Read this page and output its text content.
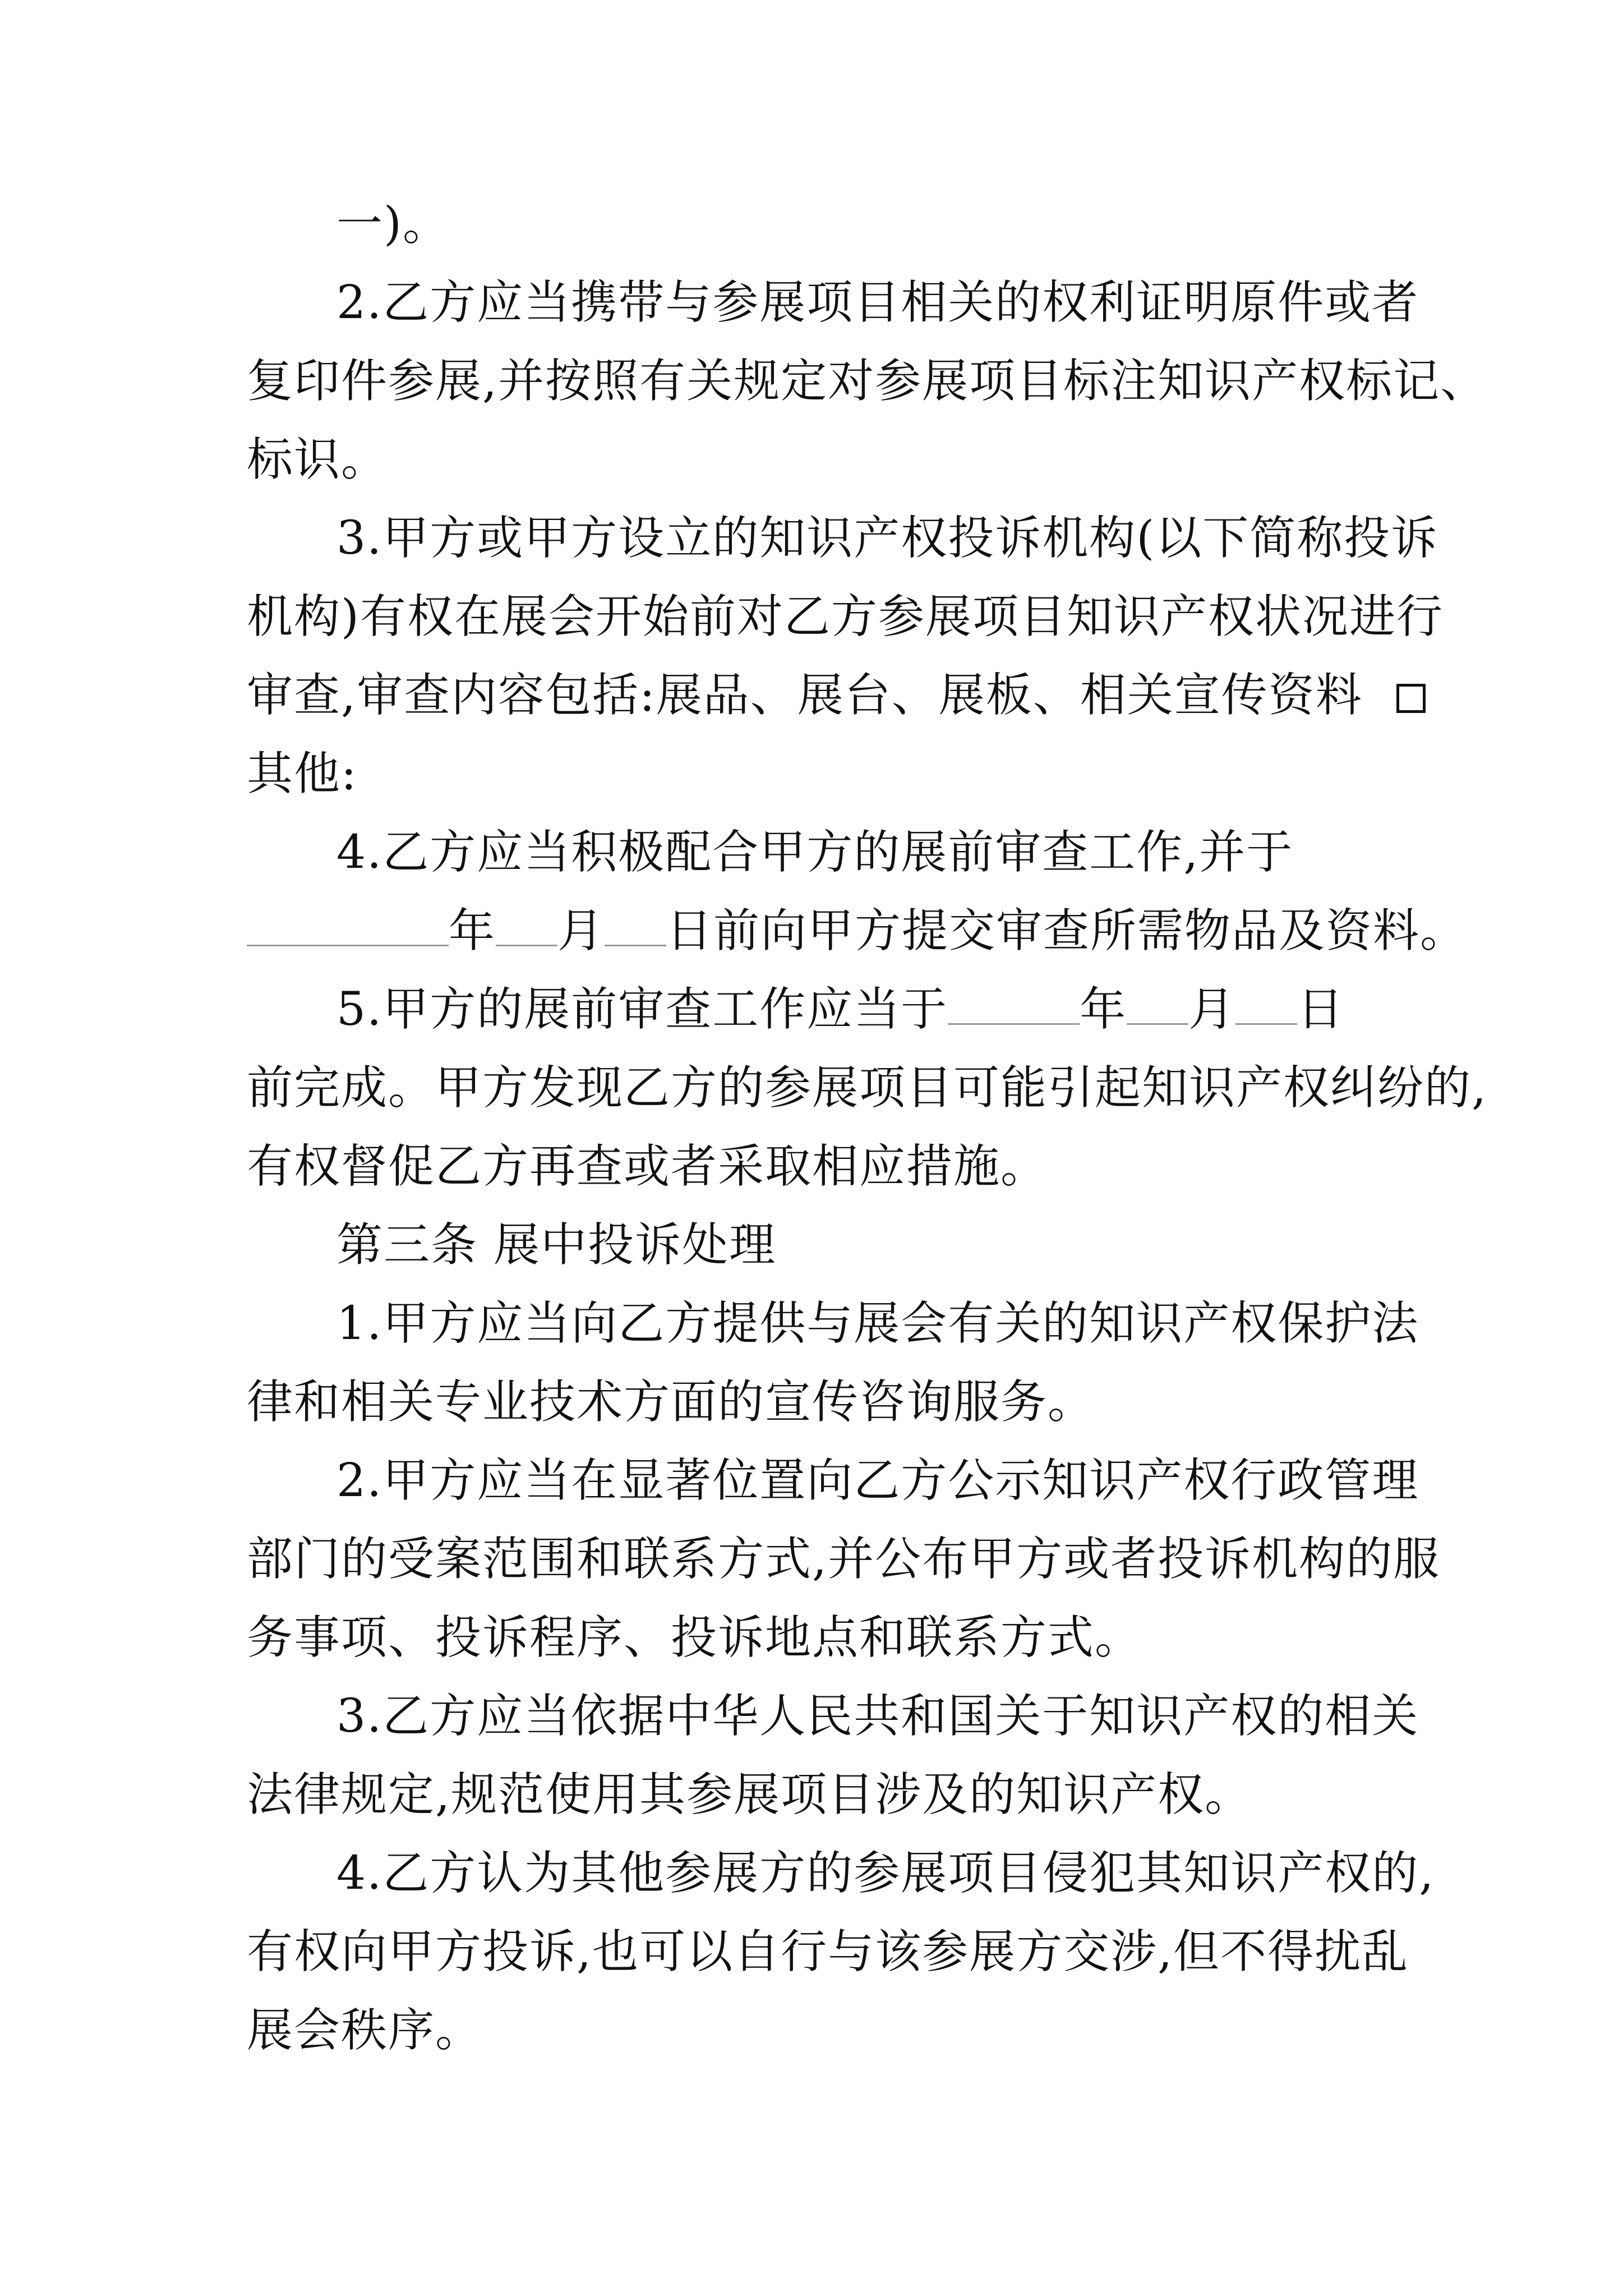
一)。
2.乙方应当携带与参展项目相关的权利证明原件或者
复印件参展,并按照有关规定对参展项目标注知识产权标记、
标识。
3.甲方或甲方设立的知识产权投诉机构(以下简称投诉
机构)有权在展会开始前对乙方参展项目知识产权状况进行
审查,审查内容包括:展品、展台、展板、相关宣传资料
其他:
4.乙方应当积极配合甲方的展前审查工作,并于
年 月 日前向甲方提交审查所需物品及资料。
5.甲方的展前审查工作应当于	年 月 日
前完成。甲方发现乙方的参展项目可能引起知识产权纠纷的,
有权督促乙方再查或者采取相应措施。
第三条 展中投诉处理
1.甲方应当向乙方提供与展会有关的知识产权保护法
律和相关专业技术方面的宣传咨询服务。
2.甲方应当在显著位置向乙方公示知识产权行政管理
部门的受案范围和联系方式,并公布甲方或者投诉机构的服
务事项、投诉程序、投诉地点和联系方式。
3.乙方应当依据中华人民共和国关于知识产权的相关
法律规定,规范使用其参展项目涉及的知识产权。
4.乙方认为其他参展方的参展项目侵犯其知识产权的,
有权向甲方投诉,也可以自行与该参展方交涉,但不得扰乱
展会秩序。
